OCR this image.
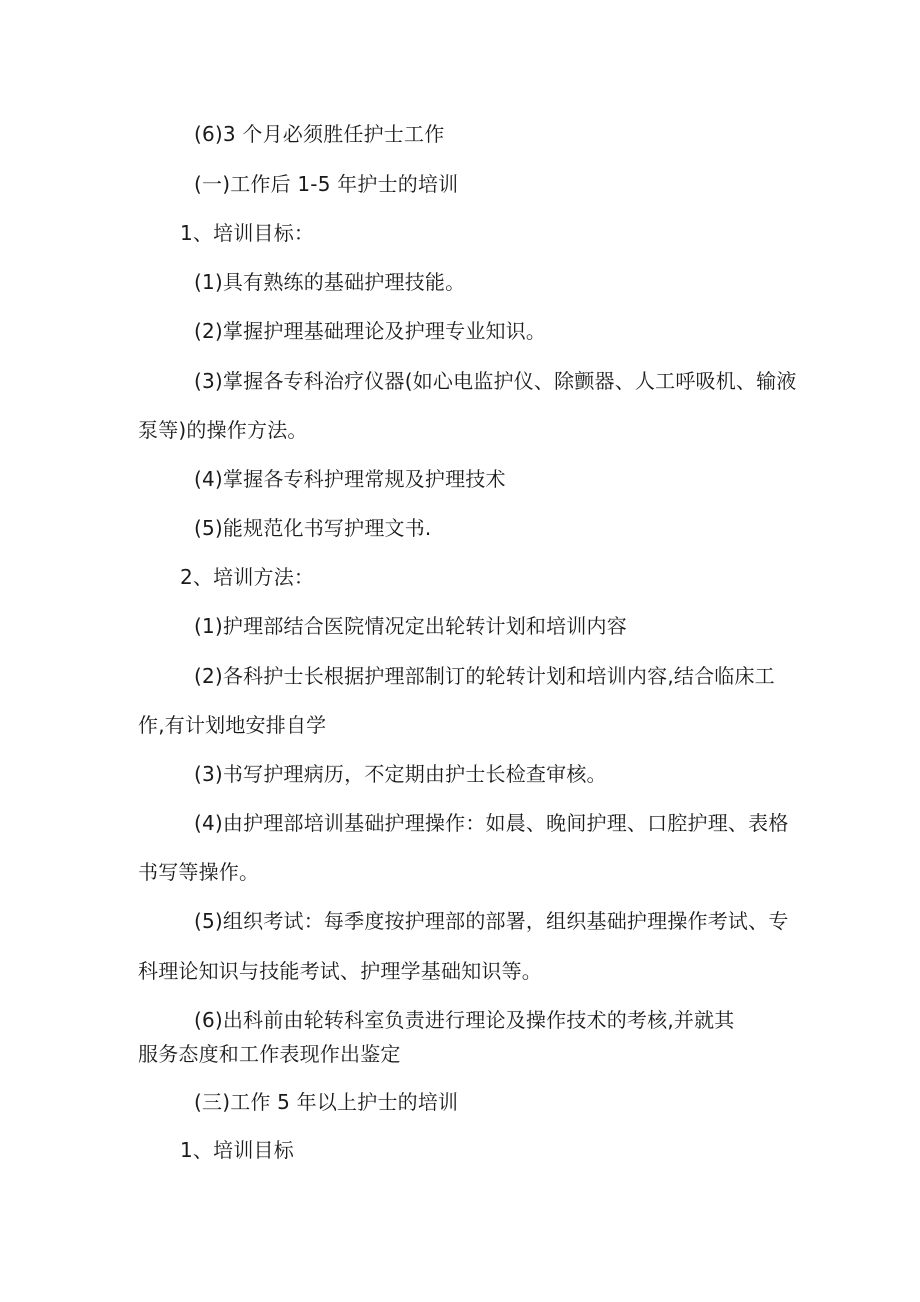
(6)3 个月必须胜任护士工作
(一)工作后 1-5 年护士的培训
1、培训目标：
(1)具有熟练的基础护理技能。
(2)掌握护理基础理论及护理专业知识。
(3)掌握各专科治疗仪器(如心电监护仪、除颤器、人工呼吸机、输液
泵等)的操作方法。
(4)掌握各专科护理常规及护理技术
(5)能规范化书写护理文书.
2、培训方法：
(1)护理部结合医院情况定出轮转计划和培训内容
(2)各科护士长根据护理部制订的轮转计划和培训内容,结合临床工
作,有计划地安排自学
(3)书写护理病历，不定期由护士长检查审核。
(4)由护理部培训基础护理操作：如晨、晚间护理、口腔护理、表格
书写等操作。
(5)组织考试：每季度按护理部的部署，组织基础护理操作考试、专
科理论知识与技能考试、护理学基础知识等。
(6)出科前由轮转科室负责进行理论及操作技术的考核,并就其
服务态度和工作表现作出鉴定
(三)工作 5 年以上护士的培训
1、培训目标
